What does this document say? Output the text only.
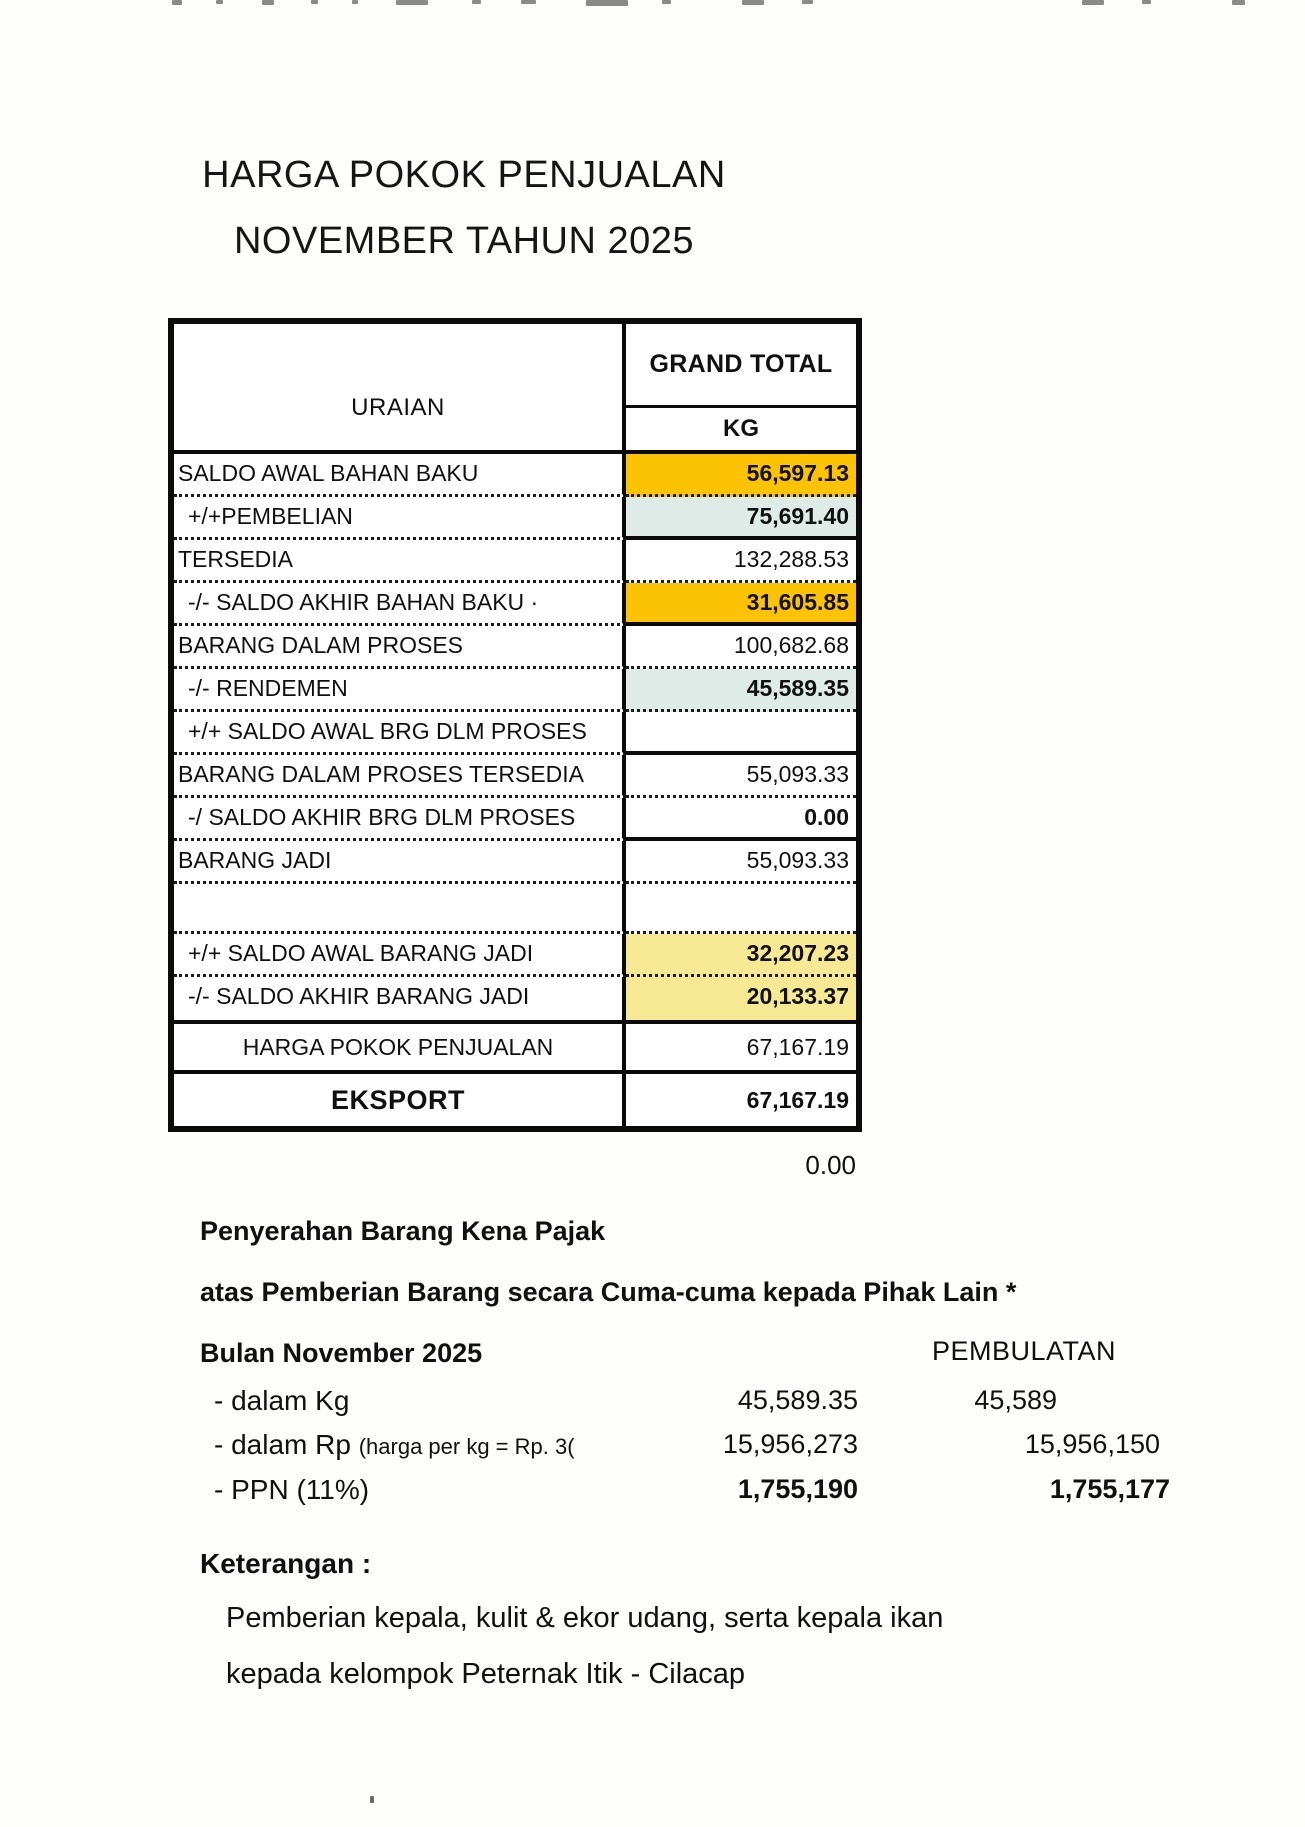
HARGA POKOK PENJUALAN
NOVEMBER TAHUN 2025
URAIAN
GRAND TOTAL
KG
SALDO AWAL BAHAN BAKU	56,597.13
+/+PEMBELIAN	75,691.40
TERSEDIA	132,288.53
-/- SALDO AKHIR BAHAN BAKU ·	31,605.85
BARANG DALAM PROSES	100,682.68
-/- RENDEMEN	45,589.35
+/+ SALDO AWAL BRG DLM PROSES
BARANG DALAM PROSES TERSEDIA	55,093.33
-/ SALDO AKHIR BRG DLM PROSES	0.00
BARANG JADI	55,093.33
+/+ SALDO AWAL BARANG JADI	32,207.23
-/- SALDO AKHIR BARANG JADI	20,133.37
HARGA POKOK PENJUALAN	67,167.19
EKSPORT	67,167.19
0.00
Penyerahan Barang Kena Pajak
atas Pemberian Barang secara Cuma-cuma kepada Pihak Lain *
Bulan November 2025	PEMBULATAN
- dalam Kg	45,589.35	45,589
- dalam Rp (harga per kg = Rp. 3(	15,956,273	15,956,150
- PPN (11%)	1,755,190	1,755,177
Keterangan :
Pemberian kepala, kulit & ekor udang, serta kepala ikan
kepada kelompok Peternak Itik - Cilacap
